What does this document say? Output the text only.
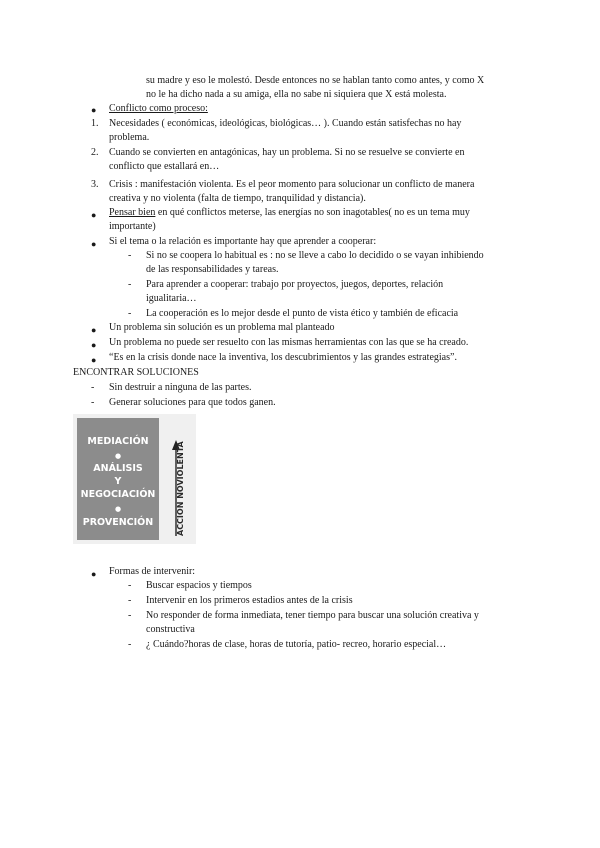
su madre y eso le molestó. Desde entonces no se hablan tanto como antes, y como X
no le ha dicho nada a su amiga, ella no sabe ni siquiera que X está molesta.
● Conflicto como proceso:
1. Necesidades ( económicas, ideológicas, biológicas… ). Cuando están satisfechas no hay
problema.
2. Cuando se convierten en antagónicas, hay un problema. Si no se resuelve se convierte en
conflicto que estallará en…
3. Crisis : manifestación violenta. Es el peor momento para solucionar un conflicto de manera
creativa y no violenta (falta de tiempo, tranquilidad y distancia).
● Pensar bien en qué conflictos meterse, las energías no son inagotables( no es un tema muy
importante)
● Si el tema o la relación es importante hay que aprender a cooperar:
- Si no se coopera lo habitual es : no se lleve a cabo lo decidido o se vayan inhibiendo
de las responsabilidades y tareas.
- Para aprender a cooperar: trabajo por proyectos, juegos, deportes, relación
igualitaria…
- La cooperación es lo mejor desde el punto de vista ético y también de eficacia
● Un problema sin solución es un problema mal planteado
● Un problema no puede ser resuelto con las mismas herramientas con las que se ha creado.
● “Es en la crisis donde nace la inventiva, los descubrimientos y las grandes estrategias”.
ENCONTRAR SOLUCIONES
- Sin destruir a ninguna de las partes.
- Generar soluciones para que todos ganen.
MEDIACIÓN
●
ANÁLISIS
Y
NEGOCIACIÓN
●
PROVENCIÓN	ACCIÓN NOVIOLENTA
● Formas de intervenir:
- Buscar espacios y tiempos
- Intervenir en los primeros estadios antes de la crisis
- No responder de forma inmediata, tener tiempo para buscar una solución creativa y
constructiva
- ¿ Cuándo?horas de clase, horas de tutoría, patio- recreo, horario especial…
